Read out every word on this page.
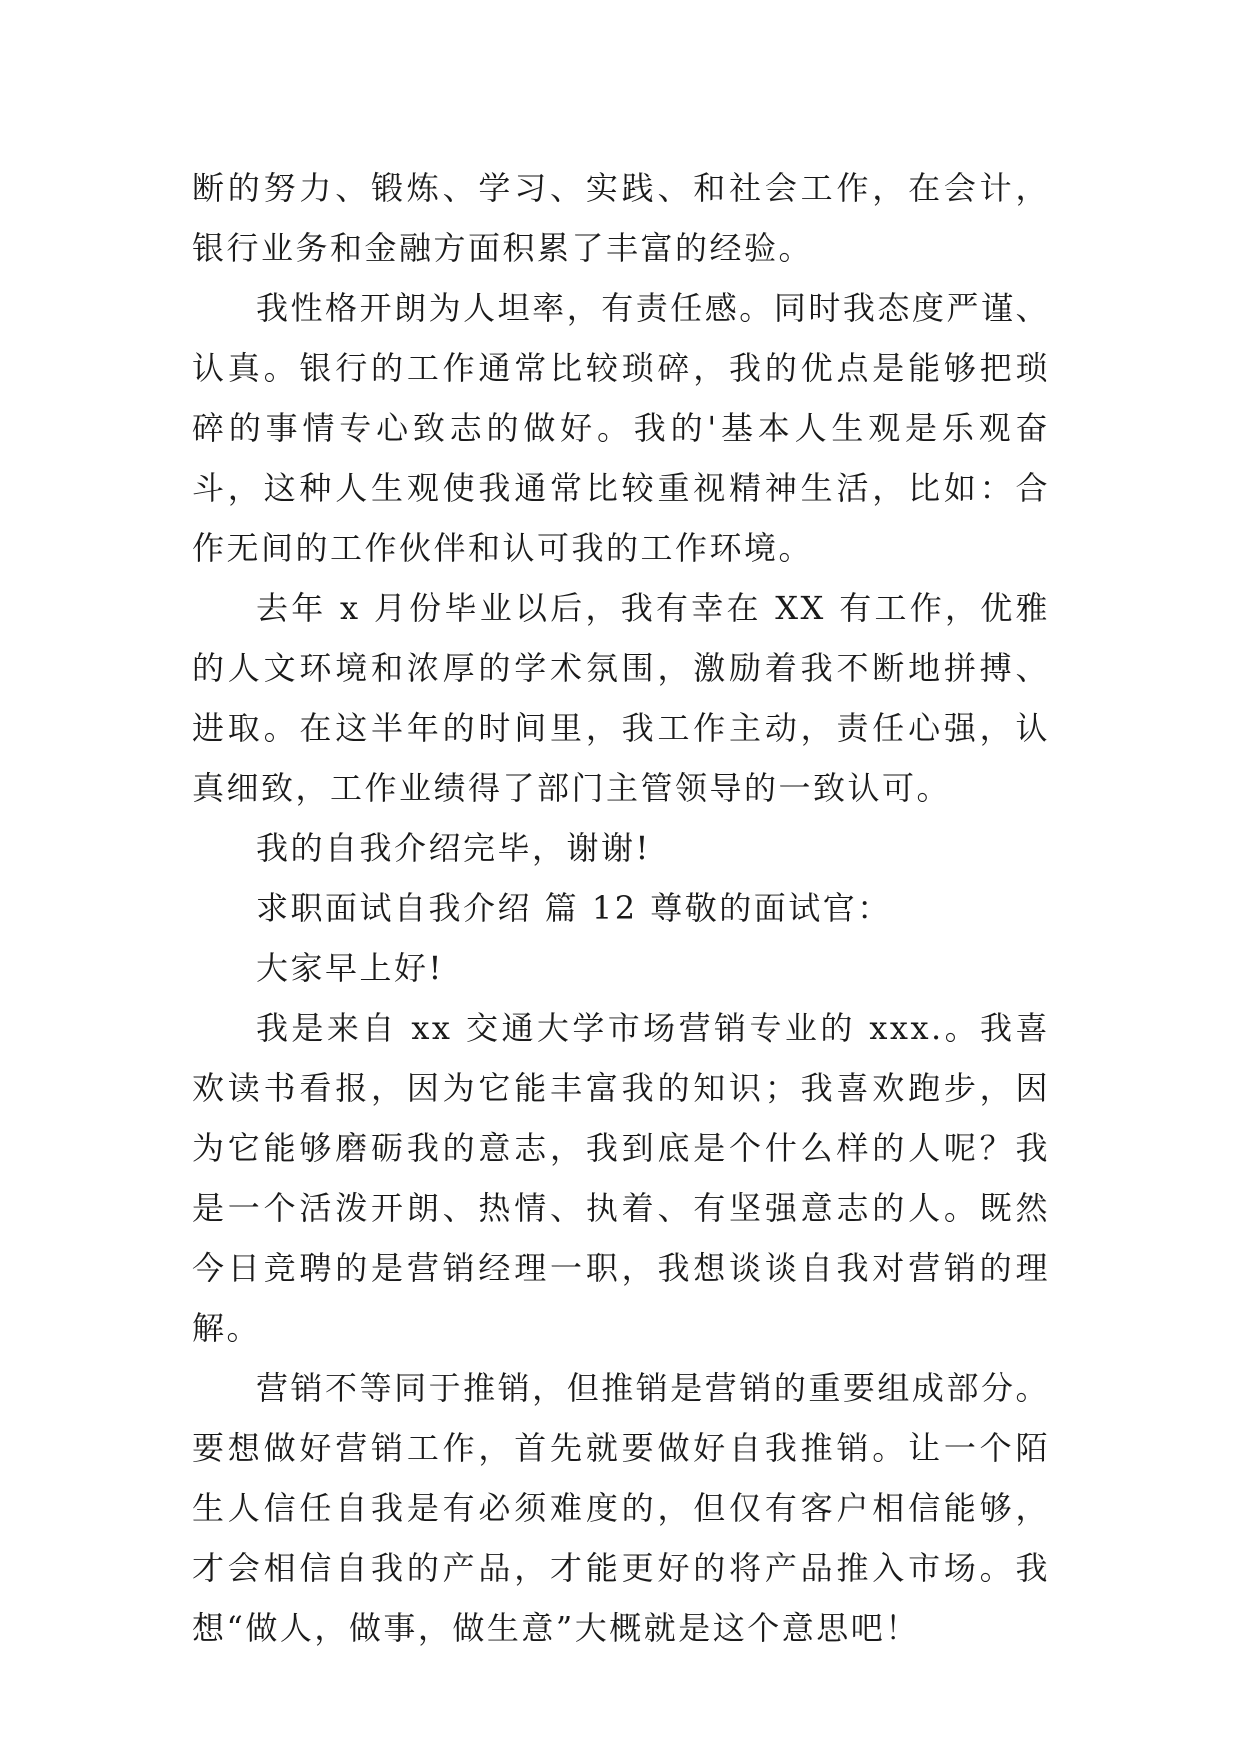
断的努力、锻炼、学习、实践、和社会工作，在会计，银行业务和金融方面积累了丰富的经验。

我性格开朗为人坦率，有责任感。同时我态度严谨、认真。银行的工作通常比较琐碎，我的优点是能够把琐碎的事情专心致志的做好。我的'基本人生观是乐观奋斗，这种人生观使我通常比较重视精神生活，比如：合作无间的工作伙伴和认可我的工作环境。

去年 x 月份毕业以后，我有幸在 XX 有工作，优雅的人文环境和浓厚的学术氛围，激励着我不断地拼搏、进取。在这半年的时间里，我工作主动，责任心强，认真细致，工作业绩得了部门主管领导的一致认可。

我的自我介绍完毕，谢谢!

求职面试自我介绍 篇 12 尊敬的面试官：

大家早上好!

我是来自 xx 交通大学市场营销专业的 xxx.。我喜欢读书看报，因为它能丰富我的知识；我喜欢跑步，因为它能够磨砺我的意志，我到底是个什么样的人呢？我是一个活泼开朗、热情、执着、有坚强意志的人。既然今日竞聘的是营销经理一职，我想谈谈自我对营销的理解。

营销不等同于推销，但推销是营销的重要组成部分。要想做好营销工作，首先就要做好自我推销。让一个陌生人信任自我是有必须难度的，但仅有客户相信能够，才会相信自我的产品，才能更好的将产品推入市场。我想“做人，做事，做生意”大概就是这个意思吧！
